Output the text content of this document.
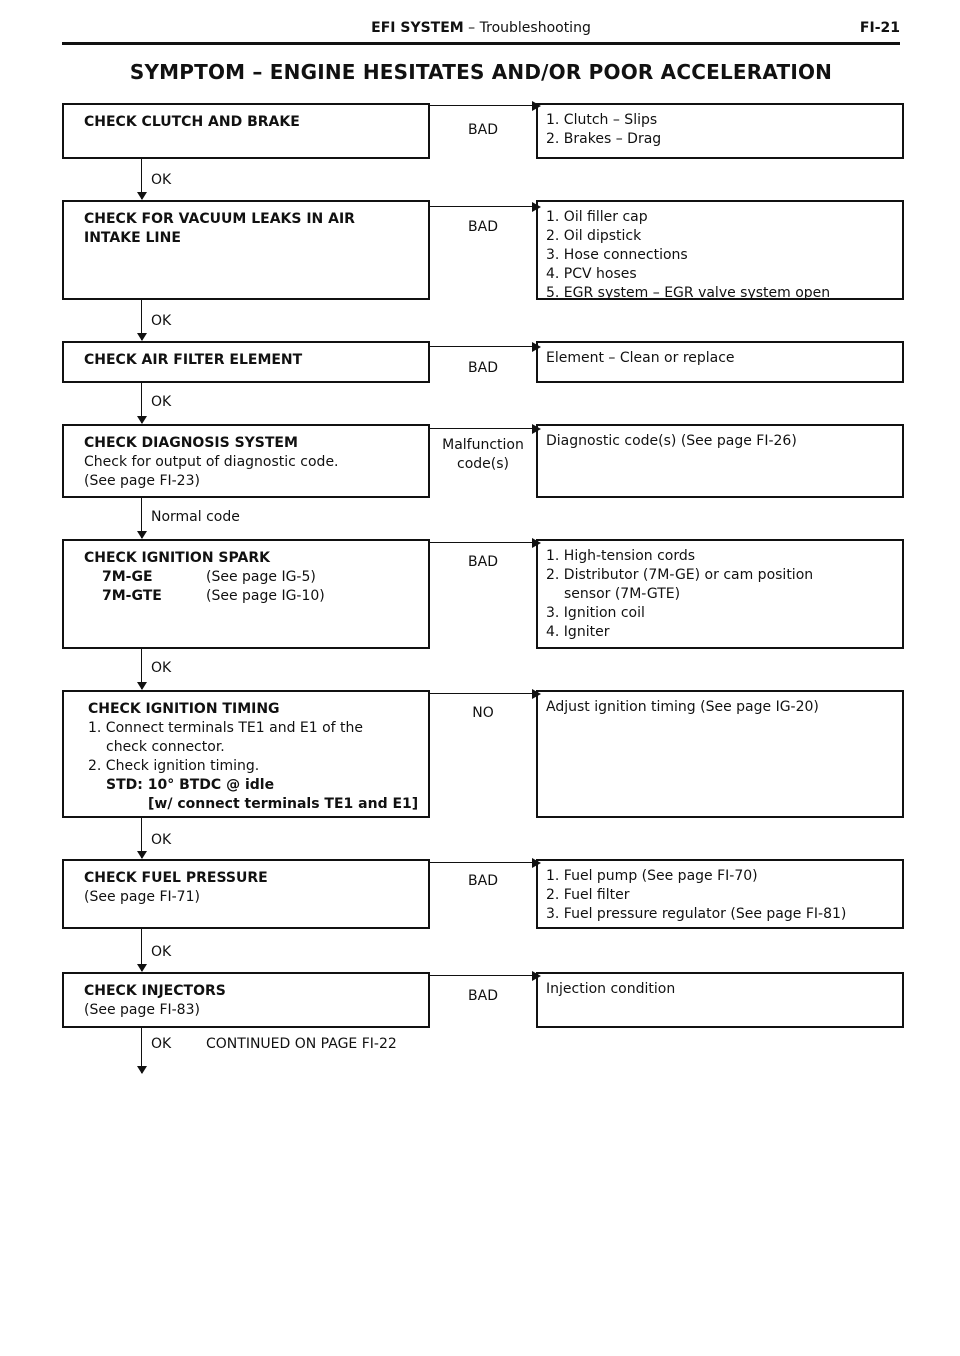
EFI SYSTEM – Troubleshooting	FI-21
SYMPTOM – ENGINE HESITATES AND/OR POOR ACCELERATION
CHECK CLUTCH AND BRAKE	BAD
1. Clutch – Slips
2. Brakes – Drag
OK
CHECK FOR VACUUM LEAKS IN AIR
INTAKE LINE
BAD
1. Oil filler cap
2. Oil dipstick
3. Hose connections
4. PCV hoses
5. EGR system – EGR valve system open
OK
CHECK AIR FILTER ELEMENT	BAD
Element – Clean or replace
OK
CHECK DIAGNOSIS SYSTEM
Check for output of diagnostic code.
(See page FI-23)
Malfunction
code(s)
Diagnostic code(s) (See page FI-26)
Normal code
CHECK IGNITION SPARK
7M-GE	(See page IG-5)
7M-GTE	(See page IG-10)
BAD	1. High-tension cords
2. Distributor (7M-GE) or cam position
sensor (7M-GTE)
3. Ignition coil
4. Igniter
OK
CHECK IGNITION TIMING
1. Connect terminals TE1 and E1 of the
check connector.
2. Check ignition timing.
STD: 10° BTDC @ idle
[w/ connect terminals TE1 and E1]
NO	Adjust ignition timing (See page IG-20)
OK
CHECK FUEL PRESSURE
(See page FI-71)
BAD	1. Fuel pump (See page FI-70)
2. Fuel filter
3. Fuel pressure regulator (See page FI-81)
OK
CHECK INJECTORS
(See page FI-83)
BAD	Injection condition
OK CONTINUED ON PAGE FI-22
